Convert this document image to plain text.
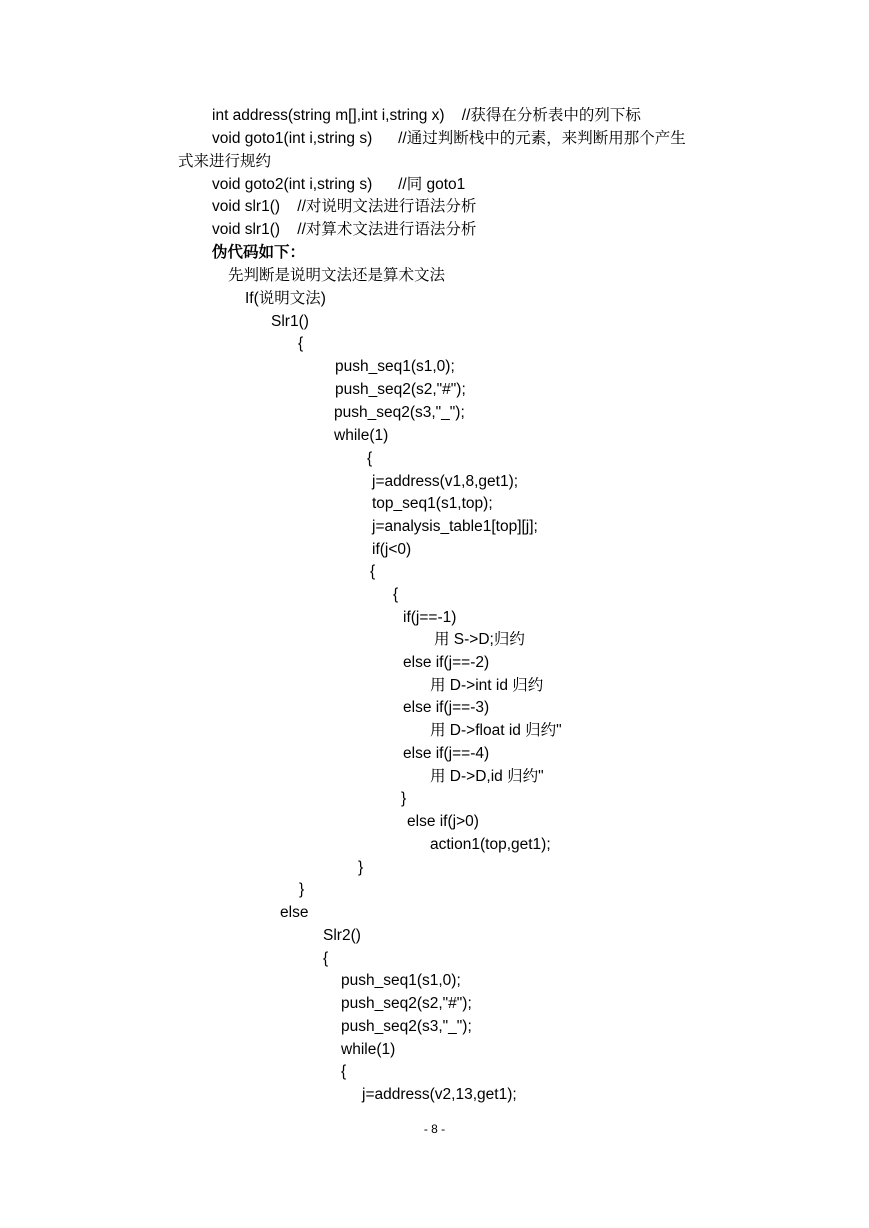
int address(string m[],int i,string x)    //获得在分析表中的列下标
void goto1(int i,string s)      //通过判断栈中的元素，来判断用那个产生
式来进行规约
void goto2(int i,string s)      //同 goto1
void slr1()    //对说明文法进行语法分析
void slr1()    //对算术文法进行语法分析
伪代码如下：
先判断是说明文法还是算术文法
If(说明文法)
Slr1()
{
push_seq1(s1,0);
push_seq2(s2,"#");
push_seq2(s3,"_");
while(1)
{
j=address(v1,8,get1);
top_seq1(s1,top);
j=analysis_table1[top][j];
if(j<0)
{
{
if(j==-1)
用 S->D;归约
else if(j==-2)
用 D->int id 归约
else if(j==-3)
用 D->float id 归约"
else if(j==-4)
用 D->D,id 归约"
}
else if(j>0)
action1(top,get1);
}
}
else
Slr2()
{
push_seq1(s1,0);
push_seq2(s2,"#");
push_seq2(s3,"_");
while(1)
{
j=address(v2,13,get1);
- 8 -
